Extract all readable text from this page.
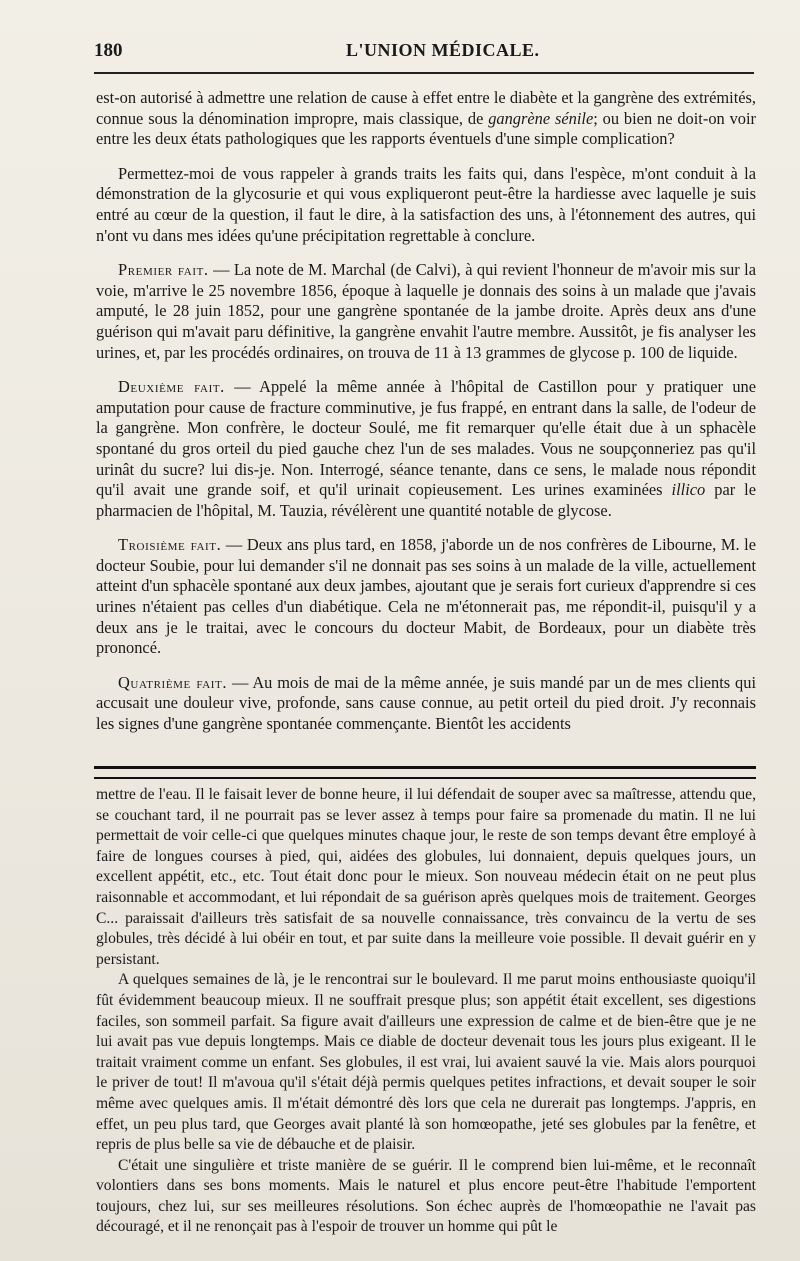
180	L'UNION MÉDICALE.

est-on autorisé à admettre une relation de cause à effet entre le diabète et la gangrène des extrémités, connue sous la dénomination impropre, mais classique, de gangrène sénile; ou bien ne doit-on voir entre les deux états pathologiques que les rapports éventuels d'une simple complication?

Permettez-moi de vous rappeler à grands traits les faits qui, dans l'espèce, m'ont conduit à la démonstration de la glycosurie et qui vous expliqueront peut-être la hardiesse avec laquelle je suis entré au cœur de la question, il faut le dire, à la satisfaction des uns, à l'étonnement des autres, qui n'ont vu dans mes idées qu'une précipitation regrettable à conclure.

Premier fait. — La note de M. Marchal (de Calvi), à qui revient l'honneur de m'avoir mis sur la voie, m'arrive le 25 novembre 1856, époque à laquelle je donnais des soins à un malade que j'avais amputé, le 28 juin 1852, pour une gangrène spontanée de la jambe droite. Après deux ans d'une guérison qui m'avait paru définitive, la gangrène envahit l'autre membre. Aussitôt, je fis analyser les urines, et, par les procédés ordinaires, on trouva de 11 à 13 grammes de glycose p. 100 de liquide.

Deuxième fait. — Appelé la même année à l'hôpital de Castillon pour y pratiquer une amputation pour cause de fracture comminutive, je fus frappé, en entrant dans la salle, de l'odeur de la gangrène. Mon confrère, le docteur Soulé, me fit remarquer qu'elle était due à un sphacèle spontané du gros orteil du pied gauche chez l'un de ses malades. Vous ne soupçonneriez pas qu'il urinât du sucre? lui dis-je. Non. Interrogé, séance tenante, dans ce sens, le malade nous répondit qu'il avait une grande soif, et qu'il urinait copieusement. Les urines examinées illico par le pharmacien de l'hôpital, M. Tauzia, révélèrent une quantité notable de glycose.

Troisième fait. — Deux ans plus tard, en 1858, j'aborde un de nos confrères de Libourne, M. le docteur Soubie, pour lui demander s'il ne donnait pas ses soins à un malade de la ville, actuellement atteint d'un sphacèle spontané aux deux jambes, ajoutant que je serais fort curieux d'apprendre si ces urines n'étaient pas celles d'un diabétique. Cela ne m'étonnerait pas, me répondit-il, puisqu'il y a deux ans je le traitai, avec le concours du docteur Mabit, de Bordeaux, pour un diabète très prononcé.

Quatrième fait. — Au mois de mai de la même année, je suis mandé par un de mes clients qui accusait une douleur vive, profonde, sans cause connue, au petit orteil du pied droit. J'y reconnais les signes d'une gangrène spontanée commençante. Bientôt les accidents

mettre de l'eau. Il le faisait lever de bonne heure, il lui défendait de souper avec sa maîtresse, attendu que, se couchant tard, il ne pourrait pas se lever assez à temps pour faire sa promenade du matin. Il ne lui permettait de voir celle-ci que quelques minutes chaque jour, le reste de son temps devant être employé à faire de longues courses à pied, qui, aidées des globules, lui donnaient, depuis quelques jours, un excellent appétit, etc., etc. Tout était donc pour le mieux. Son nouveau médecin était on ne peut plus raisonnable et accommodant, et lui répondait de sa guérison après quelques mois de traitement. Georges C... paraissait d'ailleurs très satisfait de sa nouvelle connaissance, très convaincu de la vertu de ses globules, très décidé à lui obéir en tout, et par suite dans la meilleure voie possible. Il devait guérir en y persistant.

A quelques semaines de là, je le rencontrai sur le boulevard. Il me parut moins enthousiaste quoiqu'il fût évidemment beaucoup mieux. Il ne souffrait presque plus; son appétit était excellent, ses digestions faciles, son sommeil parfait. Sa figure avait d'ailleurs une expression de calme et de bien-être que je ne lui avait pas vue depuis longtemps. Mais ce diable de docteur devenait tous les jours plus exigeant. Il le traitait vraiment comme un enfant. Ses globules, il est vrai, lui avaient sauvé la vie. Mais alors pourquoi le priver de tout! Il m'avoua qu'il s'était déjà permis quelques petites infractions, et devait souper le soir même avec quelques amis. Il m'était démontré dès lors que cela ne durerait pas longtemps. J'appris, en effet, un peu plus tard, que Georges avait planté là son homœopathe, jeté ses globules par la fenêtre, et repris de plus belle sa vie de débauche et de plaisir.

C'était une singulière et triste manière de se guérir. Il le comprend bien lui-même, et le reconnaît volontiers dans ses bons moments. Mais le naturel et plus encore peut-être l'habitude l'emportent toujours, chez lui, sur ses meilleures résolutions. Son échec auprès de l'homœopathie ne l'avait pas découragé, et il ne renonçait pas à l'espoir de trouver un homme qui pût le
